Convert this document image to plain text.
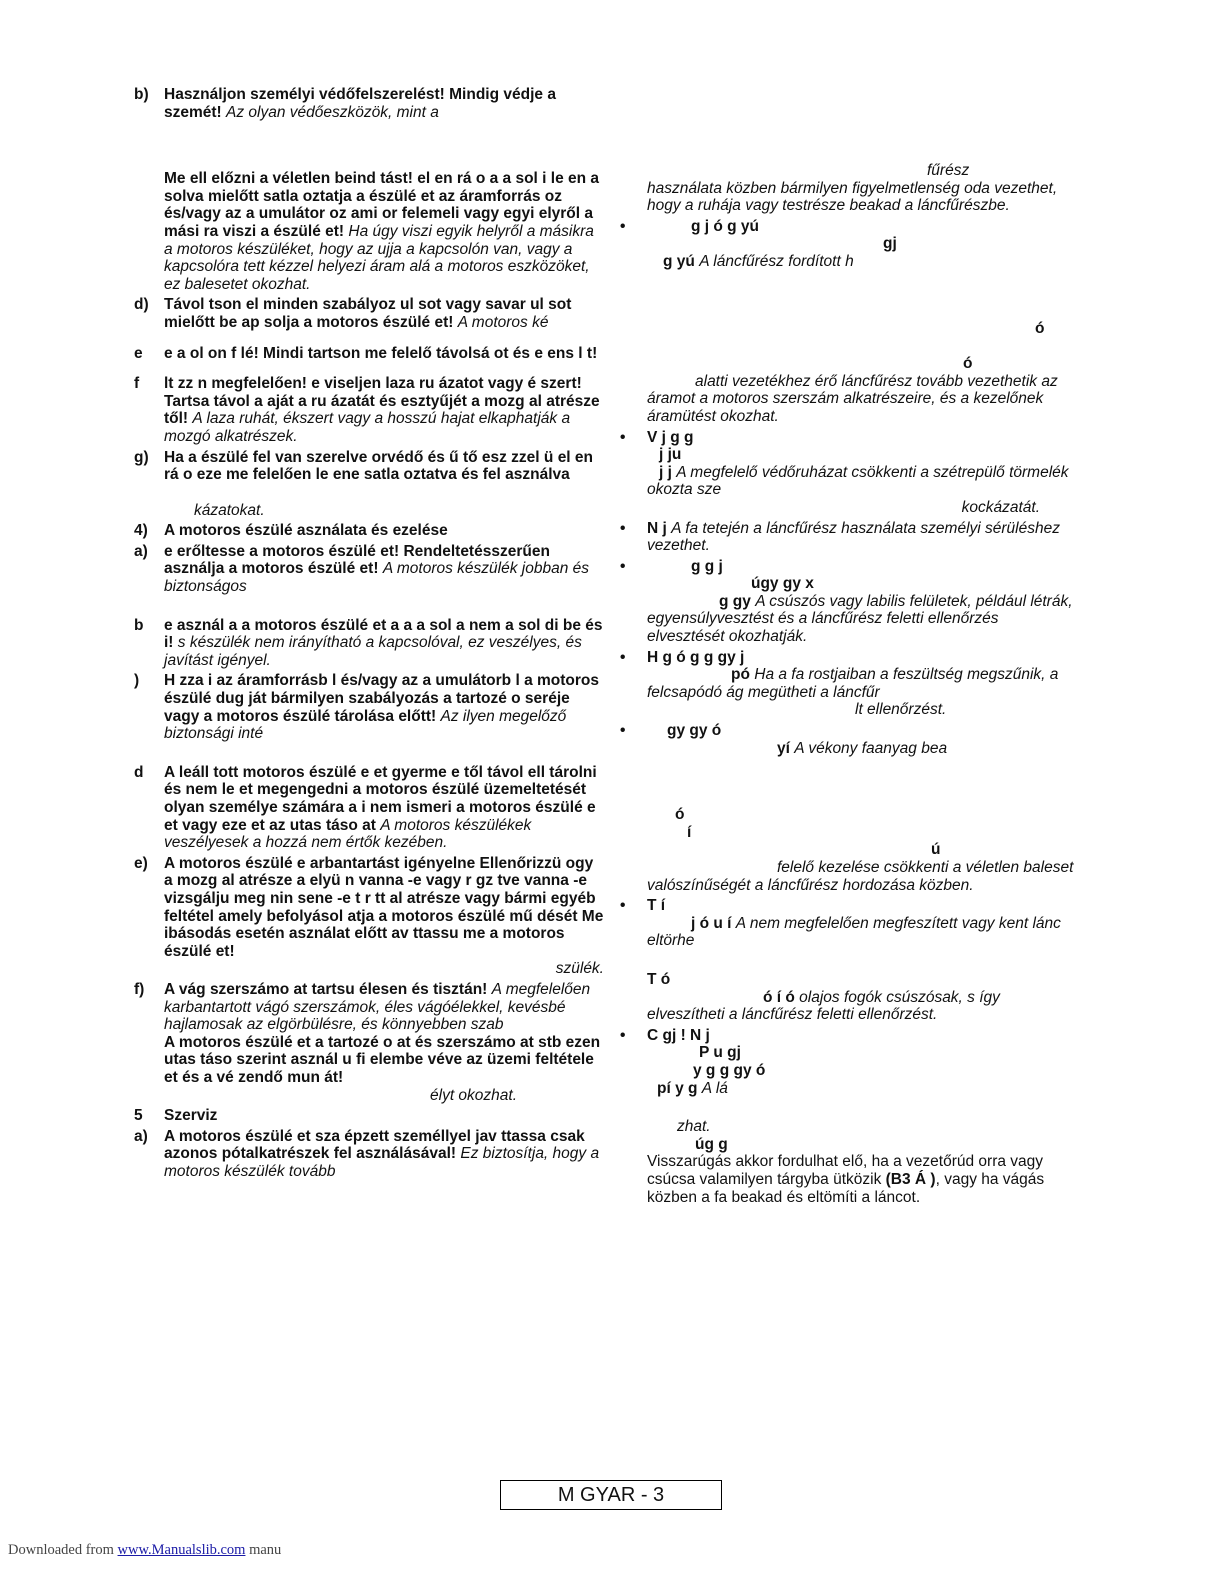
b) Használjon személyi védőfelszerelést! Mindig védje a szemét! Az olyan védőeszközök, mint a
Me ell előzni a véletlen beind tást! el en rá o a a sol i le en a solva mielőtt satla oztatja a észülé et az áramforrás oz és/vagy az a umulátor oz ami or felemeli vagy egyi elyről a mási ra viszi a észülé et! Ha úgy viszi egyik helyről a másikra a motoros készüléket, hogy az ujja a kapcsolón van, vagy a kapcsolóra tett kézzel helyezi áram alá a motoros eszközöket, ez balesetet okozhat.
d) Távol tson el minden szabályoz ul sot vagy savar ul sot mielőtt be ap solja a motoros észülé et! A motoros ké
e e a ol on f lé! Mindi tartson me felelő távolsá ot és e ens l t!
f lt zz n megfelelően! e viseljen laza ru ázatot vagy é szert! Tartsa távol a aját a ru ázatát és esztyűjét a mozg al atrésze től! A laza ruhát, ékszert vagy a hosszú hajat elkaphatják a mozgó alkatrészek.
g) Ha a észülé fel van szerelve orvédő és ű tő esz zzel ü el en rá o eze me felelően le ene satla oztatva és fel asználva
kázatokat.
4) A motoros észülé asználata és ezelése
a) e erőltesse a motoros észülé et! Rendeltetésszerűen asználja a motoros észülé et! A motoros készülék jobban és biztonságos
b e asznál a a motoros észülé et a a a sol a nem a sol di be és i! s készülék nem irányítható a kapcsolóval, ez veszélyes, és javítást igényel.
) H zza i az áramforrásb l és/vagy az a umulátorb l a motoros észülé dug ját bármilyen szabályozás a tartozé o seréje vagy a motoros észülé tárolása előtt! Az ilyen megelőző biztonsági inté
d A leáll tott motoros észülé e et gyerme e től távol ell tárolni és nem le et megengedni a motoros észülé üzemeltetését olyan személye számára a i nem ismeri a motoros észülé e et vagy eze et az utas táso at A motoros készülékek veszélyesek a hozzá nem értők kezében.
e) A motoros észülé e arbantartást igényelne Ellenőrizzü ogy a mozg al atrésze a elyü n vanna -e vagy r gz tve vanna -e vizsgálju meg nin sene -e t r tt al atrésze vagy bármi egyéb feltétel amely befolyásol atja a motoros észülé mű dését Me ibásodás esetén asználat előtt av ttassu me a motoros észülé et!
szülék.
f) A vág szerszámo at tartsu élesen és tisztán! A megfelelően karbantartott vágó szerszámok, éles vágóélekkel, kevésbé hajlamosak az elgörbülésre, és könnyebben szab
A motoros észülé et a tartozé o at és szerszámo at stb ezen utas táso szerint asznál u fi elembe véve az üzemi feltétele et és a vé zendő mun át!
élyt okozhat.
5 Szerviz
a) A motoros észülé et sza épzett személlyel jav ttassa csak azonos pótalkatrészek fel asználásával! Ez biztosítja, hogy a motoros készülék tovább
fűrész
használata közben bármilyen figyelmetlenség oda vezethet, hogy a ruhája vagy testrésze beakad a láncfűrészbe.
•	g j ó g yú
gj
g yú A láncfűrész fordított h
ó
ó
alatti vezetékhez érő láncfűrész tovább vezethetik az áramot a motoros szerszám alkatrészeire, és a kezelőnek áramütést okozhat.
• V j g g
j ju
j j A megfelelő védőruházat csökkenti a szétrepülő törmelék okozta sze
kockázatát.
• N j A fa tetején a láncfűrész használata személyi sérüléshez vezethet.
•	g g j
úgy gy x
g gy A csúszós vagy labilis felületek, például létrák, egyensúlyvesztést és a láncfűrész feletti ellenőrzés elvesztését okozhatják.
• H g ó g g gy j
pó Ha a fa rostjaiban a feszültség megszűnik, a felcsapódó ág megütheti a láncfűr
lt ellenőrzést.
•	gy gy ó
yí A vékony faanyag bea
ó
í
ú
felelő kezelése csökkenti a véletlen baleset valószínűségét a láncfűrész hordozása közben.
• T í
j ó u í A nem megfelelően megfeszített vagy kent lánc eltörhe
T ó
ó í ó olajos fogók csúszósak, s így elveszítheti a láncfűrész feletti ellenőrzést.
• C gj ! N j
P u gj
y g g gy ó
pí y g A lá
zhat.
úg g
Visszarúgás akkor fordulhat elő, ha a vezetőrúd orra vagy csúcsa valamilyen tárgyba ütközik (B3 Á ), vagy ha vágás közben a fa beakad és eltömíti a láncot.
M GYAR - 3
Downloaded from www.Manualslib.com manu
